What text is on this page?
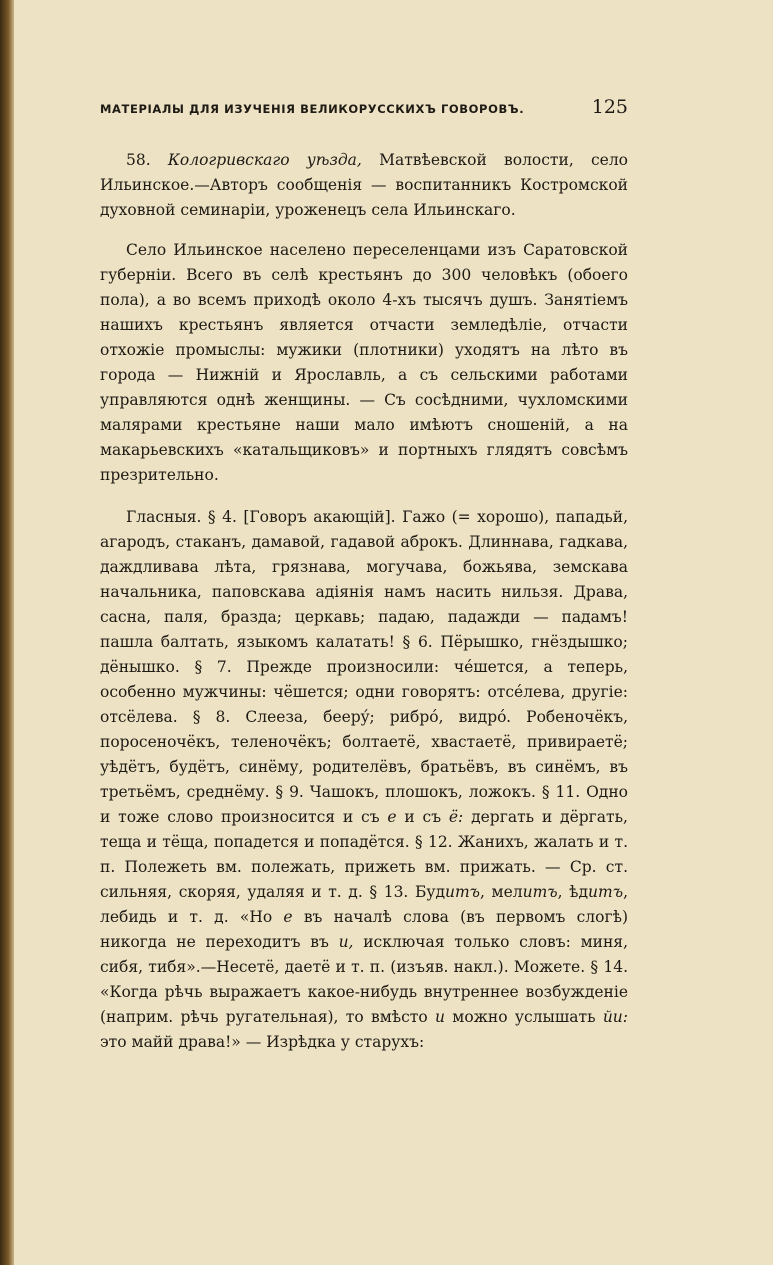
МАТЕРІАЛЫ ДЛЯ ИЗУЧЕНІЯ ВЕЛИКОРУССКИХЪ ГОВОРОВЪ.	125

58. Кологривскаго уѣзда, Матвѣевской волости, село Ильинское.—Авторъ сообщенія — воспитанникъ Костромской духовной семинаріи, уроженецъ села Ильинскаго.

Село Ильинское населено переселенцами изъ Саратовской губерніи. Всего въ селѣ крестьянъ до 300 человѣкъ (обоего пола), а во всемъ приходѣ около 4-хъ тысячъ душъ. Занятіемъ нашихъ крестьянъ является отчасти земледѣліе, отчасти отхожіе промыслы: мужики (плотники) уходятъ на лѣто въ города — Нижній и Ярославль, а съ сельскими работами управляются однѣ женщины. — Съ сосѣдними, чухломскими малярами крестьяне наши мало имѣютъ сношеній, а на макарьевскихъ «катальщиковъ» и портныхъ глядятъ совсѣмъ презрительно.

Гласныя. § 4. [Говоръ акающій]. Гажо (= хорошо), пападьй, агародъ, стаканъ, дамавой, гадавой аброкъ. Длиннава, гадкава, даждливава лѣта, грязнава, могучава, божьява, земскава начальника, паповскава адіянія намъ насить нильзя. Драва, сасна, паля, бразда; церкавь; падаю, падажди — падамъ! пашла балтать, языкомъ калатать! § 6. Пёрышко, гнёздышко; дёнышко. § 7. Прежде произносили: чéшется, а теперь, особенно мужчины: чёшется; одни говорятъ: отсéлева, другіе: отсёлева. § 8. Слееза, беерý; рибрó, видрó. Робеночёкъ, поросеночёкъ, теленочёкъ; болтаетё, хвастаетё, привираетё; уѣдётъ, будётъ, синёму, родителёвъ, братьёвъ, въ синёмъ, въ третьёмъ, среднёму. § 9. Чашокъ, плошокъ, ложокъ. § 11. Одно и тоже слово произносится и съ е и съ ё: дергать и дёргать, теща и тёща, попадется и попадётся. § 12. Жанихъ, жалать и т. п. Полежеть вм. полежать, прижеть вм. прижать. — Ср. ст. сильняя, скоряя, удаляя и т. д. § 13. Будитъ, мелитъ, ѣдитъ, лебидь и т. д. «Но е въ началѣ слова (въ первомъ слогѣ) никогда не переходитъ въ и, исключая только словъ: миня, сибя, тибя».—Несетё, даетё и т. п. (изъяв. накл.). Можете. § 14. «Когда рѣчь выражаетъ какое-нибудь внутреннее возбужденіе (наприм. рѣчь ругательная), то вмѣсто и можно услышать йи: это майй драва!» — Изрѣдка у старухъ:
